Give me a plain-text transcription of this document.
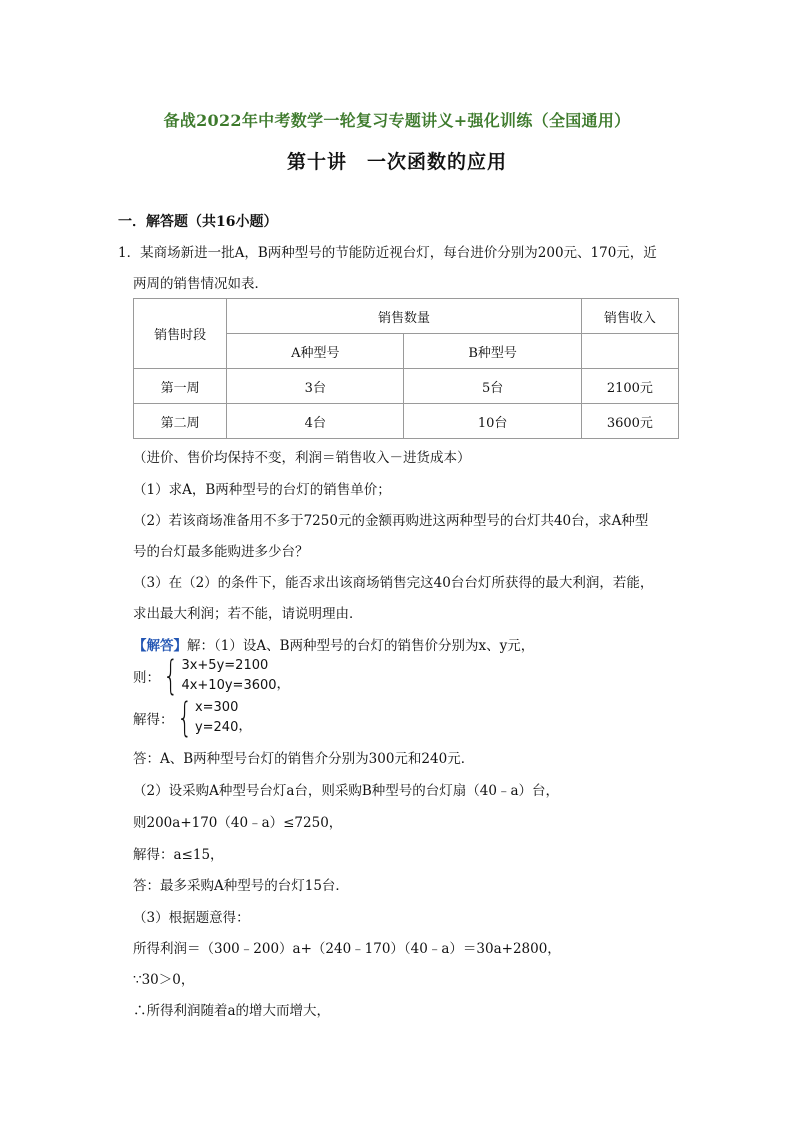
备战2022年中考数学一轮复习专题讲义+强化训练（全国通用）
第十讲　一次函数的应用
一．解答题（共16小题）
1．某商场新进一批A，B两种型号的节能防近视台灯，每台进价分别为200元、170元，近
两周的销售情况如表．
销售时段	销售数量		销售收入
	A种型号	B种型号	
第一周	3台	5台	2100元
第二周	4台	10台	3600元
（进价、售价均保持不变，利润＝销售收入－进货成本）
（1）求A，B两种型号的台灯的销售单价；
（2）若该商场准备用不多于7250元的金额再购进这两种型号的台灯共40台，求A种型
号的台灯最多能购进多少台？
（3）在（2）的条件下，能否求出该商场销售完这40台台灯所获得的最大利润，若能，
求出最大利润；若不能，请说明理由．
【解答】解：（1）设A、B两种型号的台灯的销售价分别为x、y元，
则： { 3x+5y=2100
4x+10y=3600 ，
解得： { x=300
y=240 ，
答：A、B两种型号台灯的销售介分别为300元和240元．
（2）设采购A种型号台灯a台，则采购B种型号的台灯扇（40﹣a）台，
则200a+170（40﹣a）≤7250，
解得：a≤15，
答：最多采购A种型号的台灯15台．
（3）根据题意得：
所得利润＝（300﹣200）a+（240﹣170）（40﹣a）＝30a+2800，
∵30＞0，
∴所得利润随着a的增大而增大，
